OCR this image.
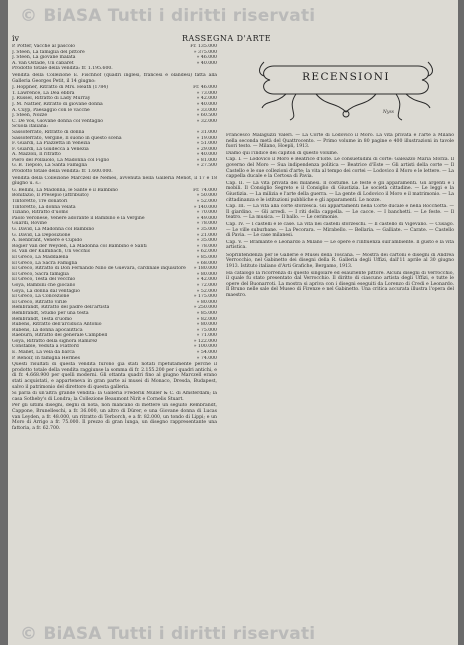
© BiASA Tutti i diritti riservati
iv	RASSEGNA D'ARTE
P. Potter, Vacche al pascolo	Fr. 135.000
J. Steen, La famiglia del pittore	» 375.000
J. Steen, La giovane malata	» 46.000
A. Van Ostade, Un cabaret	» 40.000
Prodotto totale della vendita: fr. 1.195.600.
Vendita della Collezione E. Fischhof (quadri inglesi, francesi e olandesi) fatta alla Galleria Georges Petit, il 14 giugno:
J. Hoppner, Ritratto di Mrs. Heath (1784)	Fr. 46.000
T. Lawrence, La Dea ebbra	» 73.000
J. Russel, Ritratto di Lady Murray	» 42.000
J. M. Nattier, Ritratto di giovane donna	» 40.000
A. Cuyp, Paesaggio con le vacche	» 33.000
J. Steen, Nozze	» 60.500
C. De Vos, Giovane donna col ventaglio	» 32.000
Scuola italiana:
Sassoferrato, Ritratto di donna	» 31.000
Sassoferrato, Vergine, Il suono in questo scena	» 19.000
F. Guardi, La Piazzetta in Venezia	» 51.000
F. Guardi, La Giudecca a Venezia	» 29.000
A. Mazzoli, Il ritratto	» 40.000
Piero del Pollaiolo, La Madonna col Figlio	» 81.000
G. B. Tiepolo, La Santa Famiglia	» 27.500
Prodotto totale della vendita: fr. 1.600.000.
Vendita della Collezione Marczell de Nemes, avvenuta nella Galleria Menot, il 17 e 18 giugno u. s.:
G. Bellini, La Madonna, le Sante e il Bambino	Fr. 74.000
Bonifazio, Il Presepio (attribuito)	» 50.000
Tintoretto, Tre donatori	» 52.000
Tintoretto, La donna velata	» 140.000
Tiziano, Ritratto d'uomo	» 70.000
Paolo Veronese, Venere adorante il Bambino e la Vergine	» 49.000
Guardi, Rovine	» 78.000
G. David, La Madonna col Bambino	» 35.000
G. David, La Deposizione	» 21.000
A. Isenbrant, Venere e Cupido	» 35.000
Rogier Van der Weyden, La Madonna col Bambino e Santi	» 78.000
H. Van der Kulmbach, Un vecchio	» 62.000
El Greco, La Maddalena	» 85.000
El Greco, La Sacra Famiglia	» 68.000
El Greco, Ritratto di Don Fernando Niño de Guevara, cardinale inquisitore	» 180.000
El Greco, Sacra famiglia	» 80.000
El Greco, Testa del vecchio	» 42.000
Goya, Bambini che giocano	» 72.000
Goya, La donna dal ventaglio	» 52.000
El Greco, La Concezione	» 175.000
El Greco, Ritratto virile	» 80.000
Rembrandt, Ritratto del padre dell'artista	» 250.000
Rembrandt, Studio per una testa	» 85.000
Rembrandt, Testa d'uomo	» 82.000
Rubens, Ritratto dell'arciduca Antonio	» 80.000
Rubens, La donna apocalittica	» 75.000
Raeburn, Ritratto del generale Campbell	» 71.000
Goya, Ritratto della signora Ramirez	» 122.000
Constable, Veduta a Flatford	» 100.000
E. Manet, La vela da barca	» 54.000
P. Renoir, In famiglia Hermès	» 74.000
Questi risultati di questa vendita furono già stati notati ripetutamente perché il prodotto totale della vendita raggiunse la somma di fr. 2.155.200 per i quadri antichi, e di fr. 4.668.900 per quelli moderni. Gli ottanta quadri fino al giugno Marczell erano stati acquistati, e apparteneva in gran parte ai musei di Monaco, Dresda, Budapest, salvo il patrimonio del direttore di questa galleria.
Si parla di un'altra grande vendita: la Galleria Frederik Muller & C. di Amsterdam; la casa Sotheby's di Londra; la Collezione Beaumont Nirit e Cornelis Stuart.
Per gli ultimi disegni, degni di nota, non mancano di mettere un seguito Rembrandt, Cappone, Brunelleschi, a fr. 36.000, un altro di Dürer, e una Giovane donna di Lucas van Leyden, a fr. 48.000, un ritratto di Terborch, e a fr. 82.000, un tondo di Lippi; e un Moro di Arrigo a fr. 75.000. Il prezzo di gran lunga, un disegno rappresentante una fattoria, a fr. 62.700.
RECENSIONI
Nyss
Francesco Malaguzzi Valeri. — La Corte di Lodovico il Moro. La vita privata e l'arte a Milano nella seconda metà del Quattrocento. — Primo volume in 80 pagine e 400 illustrazioni in tavole fuori testo. — Milano, Hoepli, 1913.
Diamo qui l'indice dei capitoli di questo volume.
Cap. I. — Lodovico il Moro e Beatrice d'Este. Le consuetudini di corte: Galeazzo Maria Sforza. Il governo del Moro — Sua indipendenza politica — Beatrice d'Este — Gli artisti della corte — Il Castello e le sue collezioni d'arte; la vita al tempo dei cortei — Lodovico il Moro e le lettere. — La cappella ducale e la Certosa di Pavia.
Cap. II. — La vita privata dei milanesi. Il costume. Le feste e gli apparamenti. Gli argenti e i mobili. Il Consiglio Segreto e il Consiglio di Giustizia. Le società cittadine. — Le leggi e la Giustizia. — La milizia e l'arte della guerra. — La gente di Lodovico il Moro e il matrimonio. — La cittadinanza e le istituzioni pubbliche e gli apparamenti. Le nozze.
Cap. III. — La vita alla corte sforzesca. Gli appartamenti nella Corte ducale e nella Rocchetta. — Il giardino. — Gli arredi. — I riti della cappella. — Le cacce. — I banchetti. — Le feste. — Il teatro. — La musica. — Il ballo. — Le cerimonie.
Cap. IV. — I castelli e le case. La vita nei castelli sforzeschi. — Il castello di Vigevano. — Cusago. — Le ville suburbane. — La Pecorara. — Mirabello. — Bellaria. — Galliate. — Carate. — Castello di Pavia. — Le case milanesi.
Cap. V. — Bramante e Leonardo a Milano — Le opere e l'influenza sull'ambiente. Il gusto e la vita artistica.
Soprintendenza per le Gallerie e Musei della Toscana. — Mostra dei cartoni e disegni di Andrea Verrocchio, nel Gabinetto dei disegni della R. Galleria degli Uffizi, dall'11 aprile al 30 giugno 1913. Istituto italiano d'Arti Grafiche, Bergamo, 1913.
Ha catalogo la ricorrenza di questo singolare ed esauriente pittore. Alcuni disegni di Verrocchio, il quale fu stato presentato dal Verrocchio. Il diritto di ciascuno artista degli Uffizi, e tutte le opere del Buonarroti. La mostra si apriva con i disegni eseguiti da Lorenzo di Credi e Leonardo. Il Bruno nelle sale del Museo di Firenze e nel Gabinetto. Una critica accurata illustra l'opera del maestro.
© BiASA Tutti i diritti riservati
